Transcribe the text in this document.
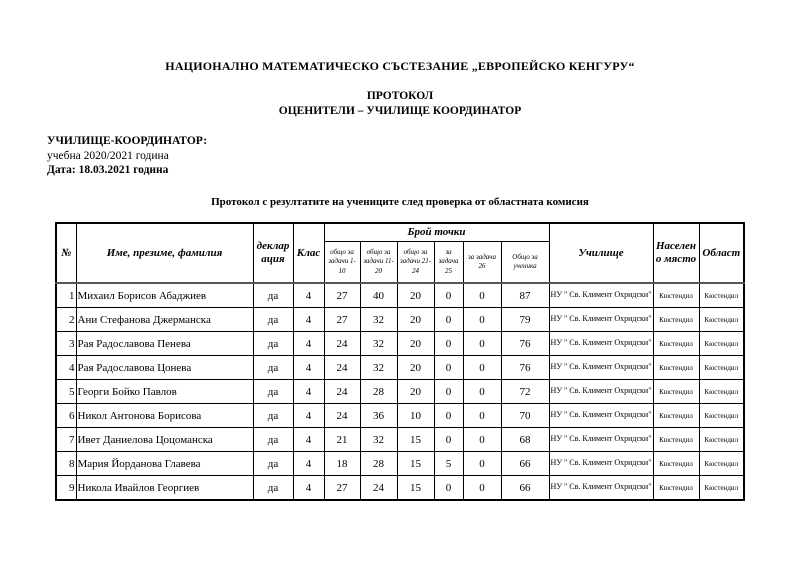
НАЦИОНАЛНО МАТЕМАТИЧЕСКО СЪСТЕЗАНИЕ „ЕВРОПЕЙСКО КЕНГУРУ“
ПРОТОКОЛ
ОЦЕНИТЕЛИ – УЧИЛИЩЕ КООРДИНАТОР
УЧИЛИЩЕ-КООРДИНАТОР:
учебна 2020/2021 година
Дата: 18.03.2021 година
Протокол с резултатите на учениците след проверка от областната комисия
№	Име, презиме, фамилия	декларация	Клас	Брой точки						Училище	Населено място	Област
				общо за задачи 1-10	общо за задачи 11-20	общо за задачи 21-24	за задача 25	за задача 26	Общо за ученика			
1	Михаил Борисов Абаджиев	да	4	27	40	20	0	0	87	НУ " Св. Климент Охридски"	Кюстендил	Кюстендил
2	Ани Стефанова Джерманска	да	4	27	32	20	0	0	79	НУ " Св. Климент Охридски"	Кюстендил	Кюстендил
3	Рая Радославова Пенева	да	4	24	32	20	0	0	76	НУ " Св. Климент Охридски"	Кюстендил	Кюстендил
4	Рая Радославова Цонева	да	4	24	32	20	0	0	76	НУ " Св. Климент Охридски"	Кюстендил	Кюстендил
5	Георги Бойко Павлов	да	4	24	28	20	0	0	72	НУ " Св. Климент Охридски"	Кюстендил	Кюстендил
6	Никол Антонова Борисова	да	4	24	36	10	0	0	70	НУ " Св. Климент Охридски"	Кюстендил	Кюстендил
7	Ивет Даниелова Цоцоманска	да	4	21	32	15	0	0	68	НУ " Св. Климент Охридски"	Кюстендил	Кюстендил
8	Мария Йорданова Главева	да	4	18	28	15	5	0	66	НУ " Св. Климент Охридски"	Кюстендил	Кюстендил
9	Никола Ивайлов Георгиев	да	4	27	24	15	0	0	66	НУ " Св. Климент Охридски"	Кюстендил	Кюстендил
